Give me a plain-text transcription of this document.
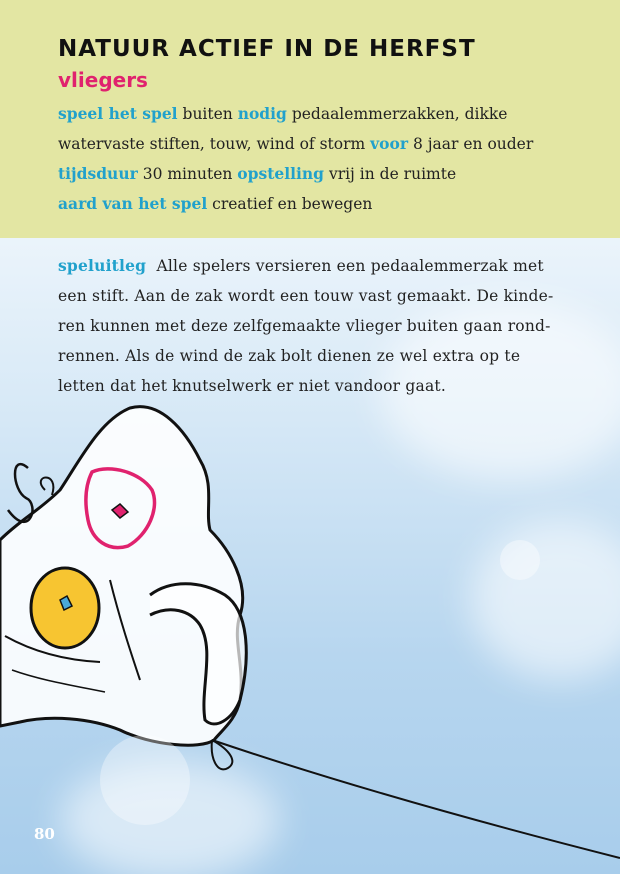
NATUUR ACTIEF IN DE HERFST
vliegers
speel het spel buiten nodig pedaalemmerzakken, dikke
watervaste stiften, touw, wind of storm voor 8 jaar en ouder
tijdsduur 30 minuten opstelling vrij in de ruimte
aard van het spel creatief en bewegen
speluitleg Alle spelers versieren een pedaalemmerzak met
een stift. Aan de zak wordt een touw vast gemaakt. De kinde-
ren kunnen met deze zelfgemaakte vlieger buiten gaan rond-
rennen. Als de wind de zak bolt dienen ze wel extra op te
letten dat het knutselwerk er niet vandoor gaat.
80
